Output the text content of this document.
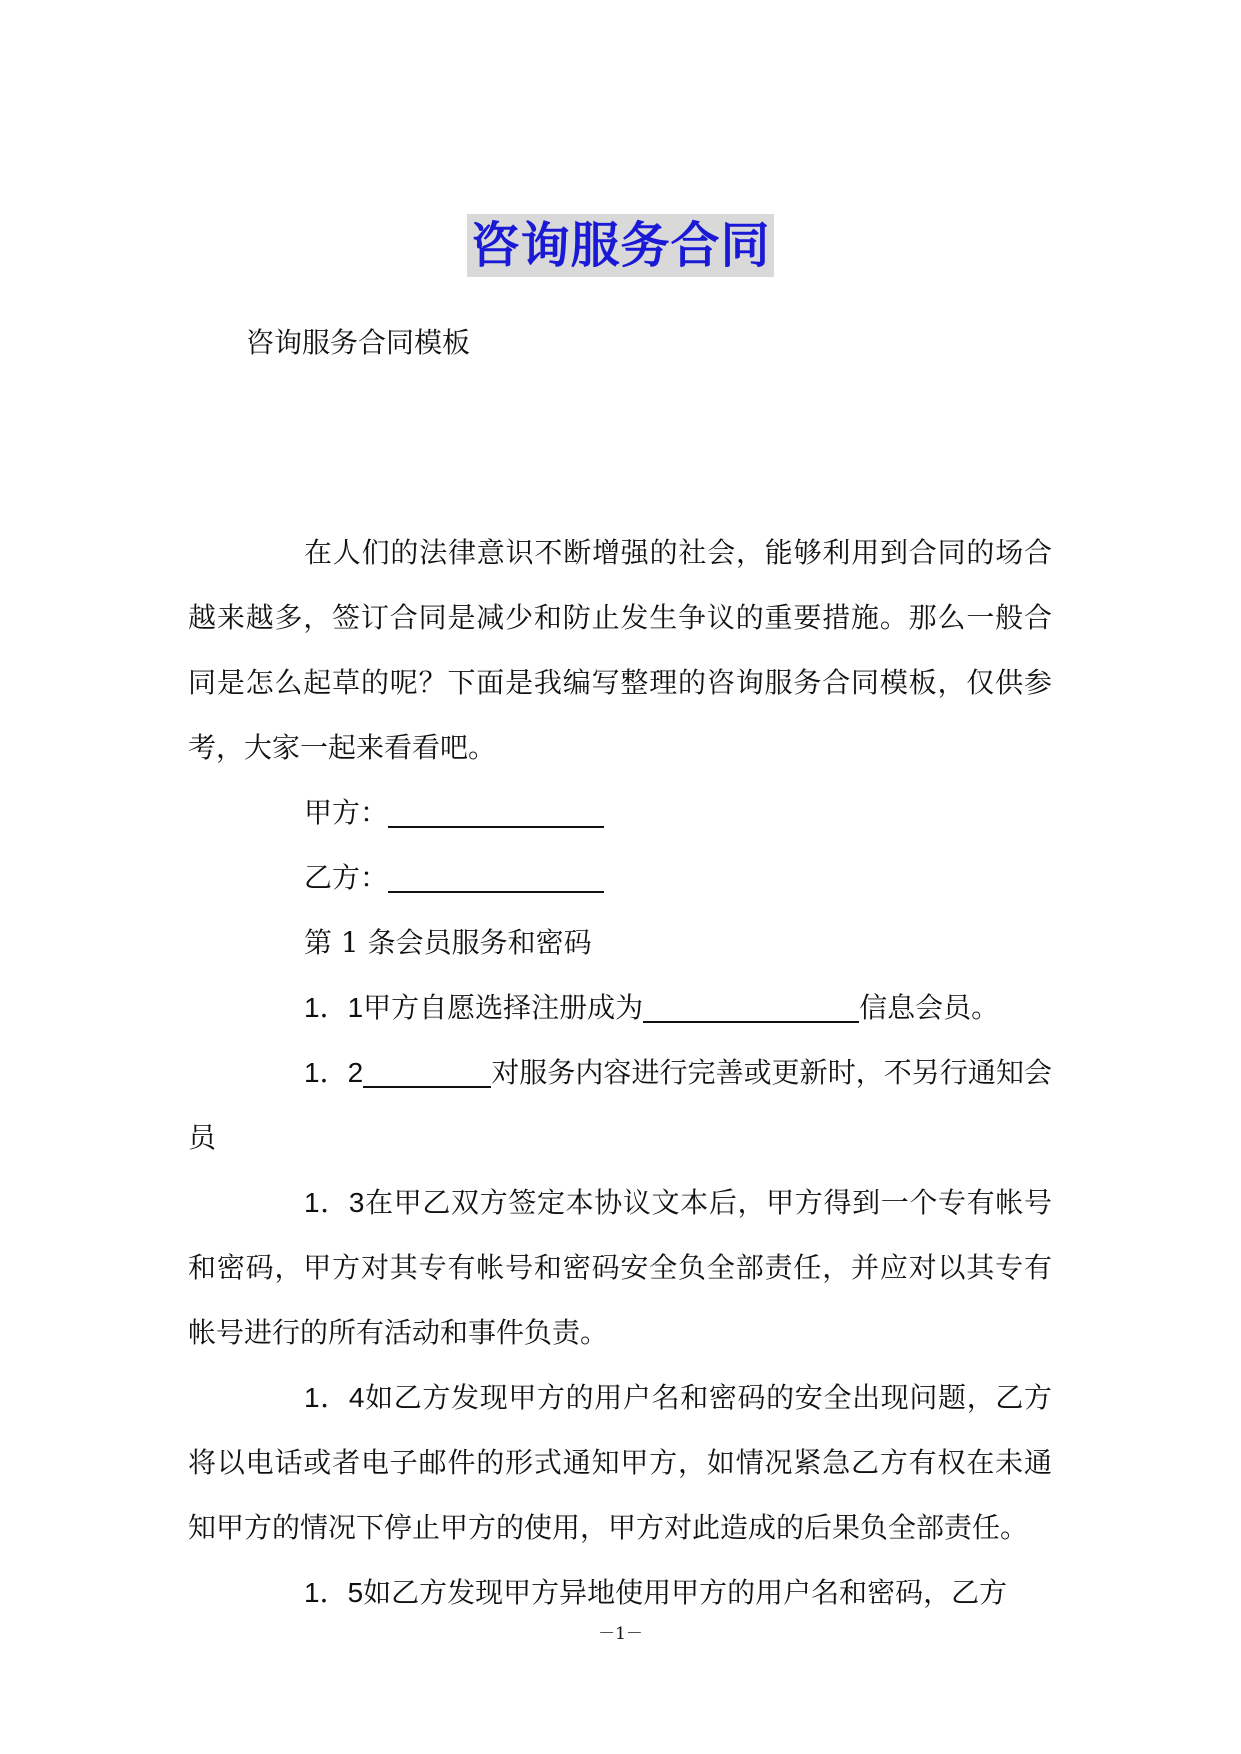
咨询服务合同
咨询服务合同模板

在人们的法律意识不断增强的社会，能够利用到合同的场合越来越多，签订合同是减少和防止发生争议的重要措施。那么一般合同是怎么起草的呢？下面是我编写整理的咨询服务合同模板，仅供参考，大家一起来看看吧。

甲方：

乙方：

第 1 条会员服务和密码

1．1甲方自愿选择注册成为	信息会员。

1．2	对服务内容进行完善或更新时，不另行通知会员

1．3在甲乙双方签定本协议文本后，甲方得到一个专有帐号和密码，甲方对其专有帐号和密码安全负全部责任，并应对以其专有帐号进行的所有活动和事件负责。

1．4如乙方发现甲方的用户名和密码的安全出现问题，乙方将以电话或者电子邮件的形式通知甲方，如情况紧急乙方有权在未通知甲方的情况下停止甲方的使用，甲方对此造成的后果负全部责任。

1．5如乙方发现甲方异地使用甲方的用户名和密码，乙方

－1－
